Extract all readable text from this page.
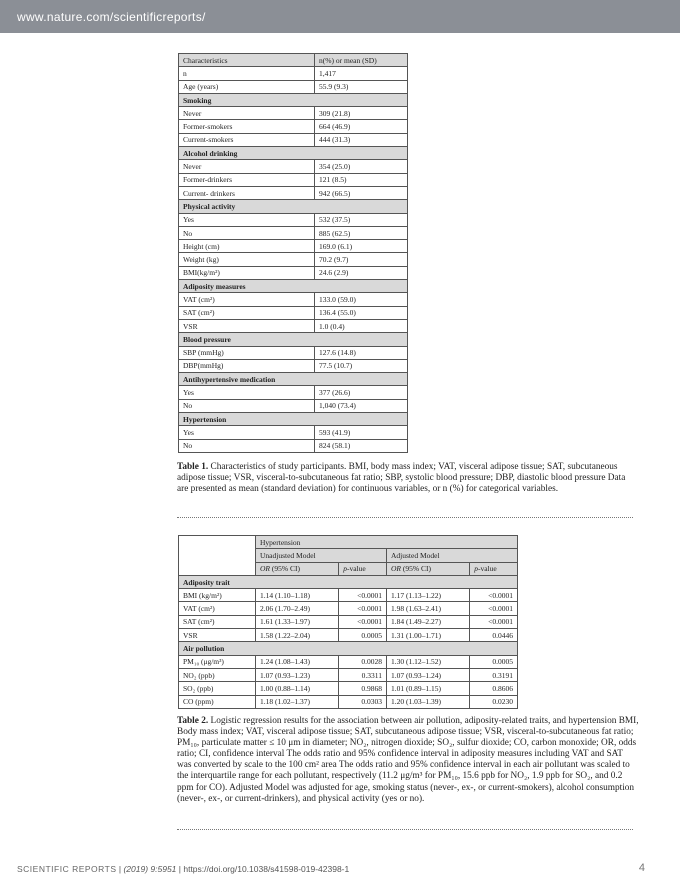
www.nature.com/scientificreports/
Characteristics	n(%) or mean (SD)
n	1,417
Age (years)	55.9 (9.3)
Smoking	
Never	309 (21.8)
Former-smokers	664 (46.9)
Current-smokers	444 (31.3)
Alcohol drinking	
Never	354 (25.0)
Former-drinkers	121 (8.5)
Current- drinkers	942 (66.5)
Physical activity	
Yes	532 (37.5)
No	885 (62.5)
Height (cm)	169.0 (6.1)
Weight (kg)	70.2 (9.7)
BMI(kg/m²)	24.6 (2.9)
Adiposity measures	
VAT (cm²)	133.0 (59.0)
SAT (cm²)	136.4 (55.0)
VSR	1.0 (0.4)
Blood pressure	
SBP (mmHg)	127.6 (14.8)
DBP(mmHg)	77.5 (10.7)
Antihypertensive medication	
Yes	377 (26.6)
No	1,040 (73.4)
Hypertension	
Yes	593 (41.9)
No	824 (58.1)
Table 1. Characteristics of study participants. BMI, body mass index; VAT, visceral adipose tissue; SAT, subcutaneous adipose tissue; VSR, visceral-to-subcutaneous fat ratio; SBP, systolic blood pressure; DBP, diastolic blood pressure Data are presented as mean (standard deviation) for continuous variables, or n (%) for categorical variables.
	Hypertension			
	Unadjusted Model		Adjusted Model	
	OR (95% CI)	p-value	OR (95% CI)	p-value
Adiposity trait				
BMI (kg/m²)	1.14 (1.10–1.18)	<0.0001	1.17 (1.13–1.22)	<0.0001
VAT (cm²)	2.06 (1.70–2.49)	<0.0001	1.98 (1.63–2.41)	<0.0001
SAT (cm²)	1.61 (1.33–1.97)	<0.0001	1.84 (1.49–2.27)	<0.0001
VSR	1.58 (1.22–2.04)	0.0005	1.31 (1.00–1.71)	0.0446
Air pollution				
PM₁₀ (μg/m³)	1.24 (1.08–1.43)	0.0028	1.30 (1.12–1.52)	0.0005
NO₂ (ppb)	1.07 (0.93–1.23)	0.3311	1.07 (0.93–1.24)	0.3191
SO₂ (ppb)	1.00 (0.88–1.14)	0.9868	1.01 (0.89–1.15)	0.8606
CO (ppm)	1.18 (1.02–1.37)	0.0303	1.20 (1.03–1.39)	0.0230
Table 2. Logistic regression results for the association between air pollution, adiposity-related traits, and hypertension BMI, Body mass index; VAT, visceral adipose tissue; SAT, subcutaneous adipose tissue; VSR, visceral-to-subcutaneous fat ratio; PM₁₀, particulate matter ≤ 10 μm in diameter; NO₂, nitrogen dioxide; SO₂, sulfur dioxide; CO, carbon monoxide; OR, odds ratio; CI, confidence interval The odds ratio and 95% confidence interval in adiposity measures including VAT and SAT was converted by scale to the 100 cm² area The odds ratio and 95% confidence interval in each air pollutant was scaled to the interquartile range for each pollutant, respectively (11.2 μg/m³ for PM₁₀, 15.6 ppb for NO₂, 1.9 ppb for SO₂, and 0.2 ppm for CO). Adjusted Model was adjusted for age, smoking status (never-, ex-, or current-smokers), alcohol consumption (never-, ex-, or current-drinkers), and physical activity (yes or no).
SCIENTIFIC REPORTS | (2019) 9:5951 | https://doi.org/10.1038/s41598-019-42398-1	4
